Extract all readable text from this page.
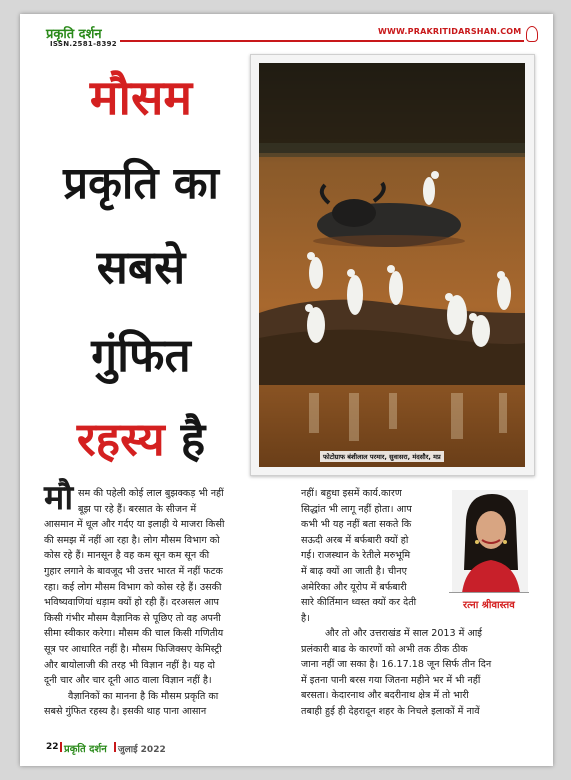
प्रकृति दर्शन
ISSN.2581-8392
WWW.PRAKRITIDARSHAN.COM
मौसम
प्रकृति का
सबसे
गुंफित
रहस्य है	फोटोग्राफ बंशीलाल परमार, सुवासरा, मंदसौर, मप्र
रत्ना श्रीवास्तव
मौ सम की पहेली कोई लाल बुझक्कड़ भी नहीं
बूझ पा रहे हैं। बरसात के सीजन में
आसमान में धूल और गर्दए या इलाही ये माजरा किसी
की समझ में नहीं आ रहा है। लोग मौसम विभाग को
कोस रहे हैं। मानसून है वह कम सून कम सून की
गुहार लगाने के बावजूद भी उत्तर भारत में नहीं फटक
रहा। कई लोग मौसम विभाग को कोस रहे हैं। उसकी
भविष्यवाणियां धड़ाम क्यों हो रही हैं। दरअसल आप
किसी गंभीर मौसम वैज्ञानिक से पूछिए तो वह अपनी
सीमा स्वीकार करेगा। मौसम की चाल किसी गणितीय
सूत्र पर आधारित नहीं है। मौसम फिजिक्सए केमिस्ट्री
और बायोलाजी की तरह भी विज्ञान नहीं है। यह दो
दूनी चार और चार दूनी आठ वाला विज्ञान नहीं है।
वैज्ञानिकों का मानना है कि मौसम प्रकृति का
सबसे गुंफित रहस्य है। इसकी थाह पाना आसान
नहीं। बहुधा इसमें कार्य.कारण
सिद्धांत भी लागू नहीं होता। आप
कभी भी यह नहीं बता सकते कि
सऊदी अरब में बर्फबारी क्यों हो
गई। राजस्थान के रेतीले मरुभूमि
में बाढ़ क्यों आ जाती है। चीनए
अमेरिका और यूरोप में बर्फबारी
सारे कीर्तिमान ध्वस्त क्यों कर देती
है।
और तो और उत्तराखंड में साल 2013 में आई
प्रलंकारी बाढ के कारणों को अभी तक ठीक ठीक
जाना नहीं जा सका है। 16.17.18 जून सिर्फ तीन दिन
में इतना पानी बरस गया जितना महीने भर में भी नहीं
बरसता। केदारनाथ और बदरीनाथ क्षेत्र में तो भारी
तबाही हुई ही देहरादून शहर के निचले इलाकों में नावें
22 प्रकृति दर्शन जुलाई 2022
